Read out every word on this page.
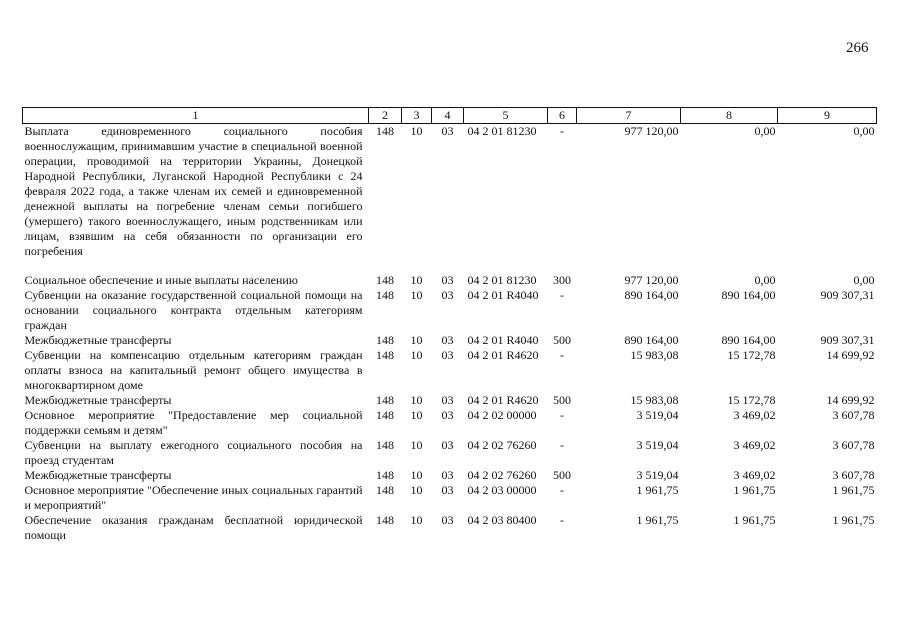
266
1	2	3	4	5	6	7	8	9
Выплата единовременного социального пособия военнослужащим, принимавшим участие в специальной военной операции, проводимой на территории Украины, Донецкой Народной Республики, Луганской Народной Республики с 24 февраля 2022 года, а также членам их семей и единовременной денежной выплаты на погребение членам семьи погибшего (умершего) такого военнослужащего, иным родственникам или лицам, взявшим на себя обязанности по организации его погребения	148	10	03	04 2 01 81230	-	977 120,00	0,00	0,00

Социальное обеспечение и иные выплаты населению	148	10	03	04 2 01 81230	300	977 120,00	0,00	0,00
Субвенции на оказание государственной социальной помощи на основании социального контракта отдельным категориям граждан	148	10	03	04 2 01 R4040	-	890 164,00	890 164,00	909 307,31
Межбюджетные трансферты	148	10	03	04 2 01 R4040	500	890 164,00	890 164,00	909 307,31
Субвенции на компенсацию отдельным категориям граждан оплаты взноса на капитальный ремонт общего имущества в многоквартирном доме	148	10	03	04 2 01 R4620	-	15 983,08	15 172,78	14 699,92
Межбюджетные трансферты	148	10	03	04 2 01 R4620	500	15 983,08	15 172,78	14 699,92
Основное мероприятие "Предоставление мер социальной поддержки семьям и детям"	148	10	03	04 2 02 00000	-	3 519,04	3 469,02	3 607,78
Субвенции на выплату ежегодного социального пособия на проезд студентам	148	10	03	04 2 02 76260	-	3 519,04	3 469,02	3 607,78
Межбюджетные трансферты	148	10	03	04 2 02 76260	500	3 519,04	3 469,02	3 607,78
Основное мероприятие "Обеспечение иных социальных гарантий и мероприятий"	148	10	03	04 2 03 00000	-	1 961,75	1 961,75	1 961,75
Обеспечение оказания гражданам бесплатной юридической помощи	148	10	03	04 2 03 80400	-	1 961,75	1 961,75	1 961,75
